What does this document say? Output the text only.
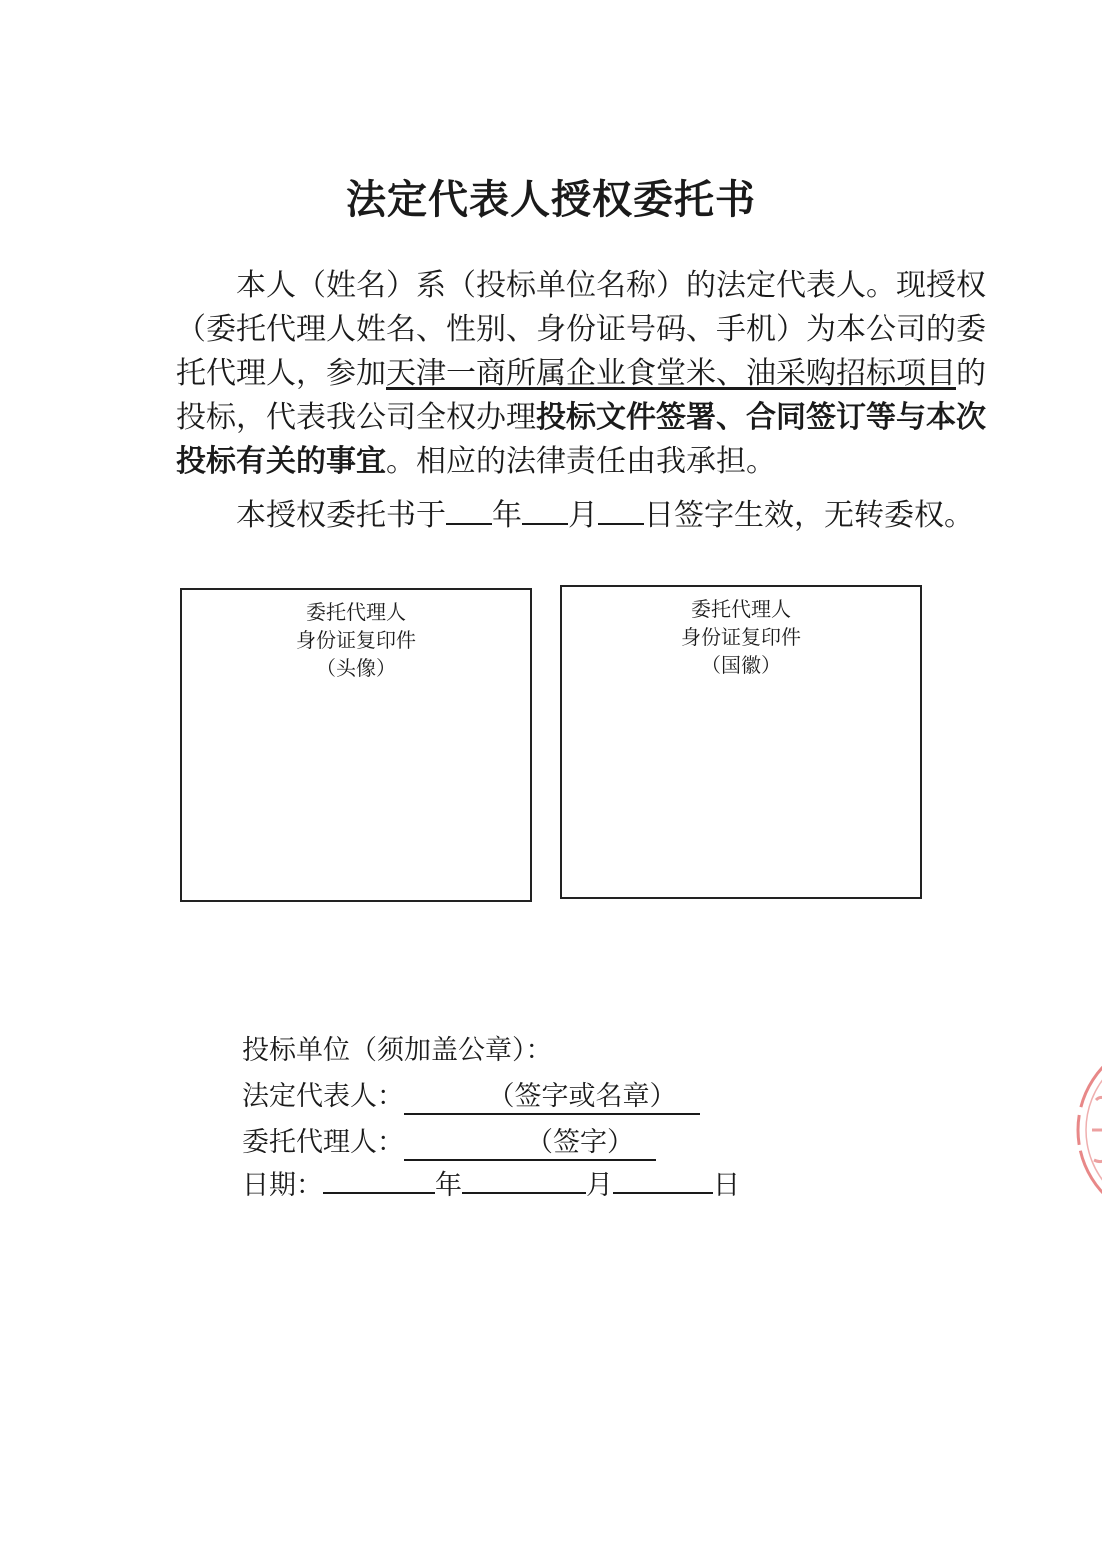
法定代表人授权委托书
本人（姓名）系（投标单位名称）的法定代表人。现授权
（委托代理人姓名、性别、身份证号码、手机）为本公司的委
托代理人，参加天津一商所属企业食堂米、油采购招标项目的
投标，代表我公司全权办理投标文件签署、合同签订等与本次
投标有关的事宜。相应的法律责任由我承担。
本授权委托书于 年 月 日签字生效，无转委权。
委托代理人
身份证复印件
（头像）
委托代理人
身份证复印件
（国徽）
投标单位（须加盖公章）：
法定代表人：	（签字或名章）
委托代理人：	（签字）
日期：	年	月	日
